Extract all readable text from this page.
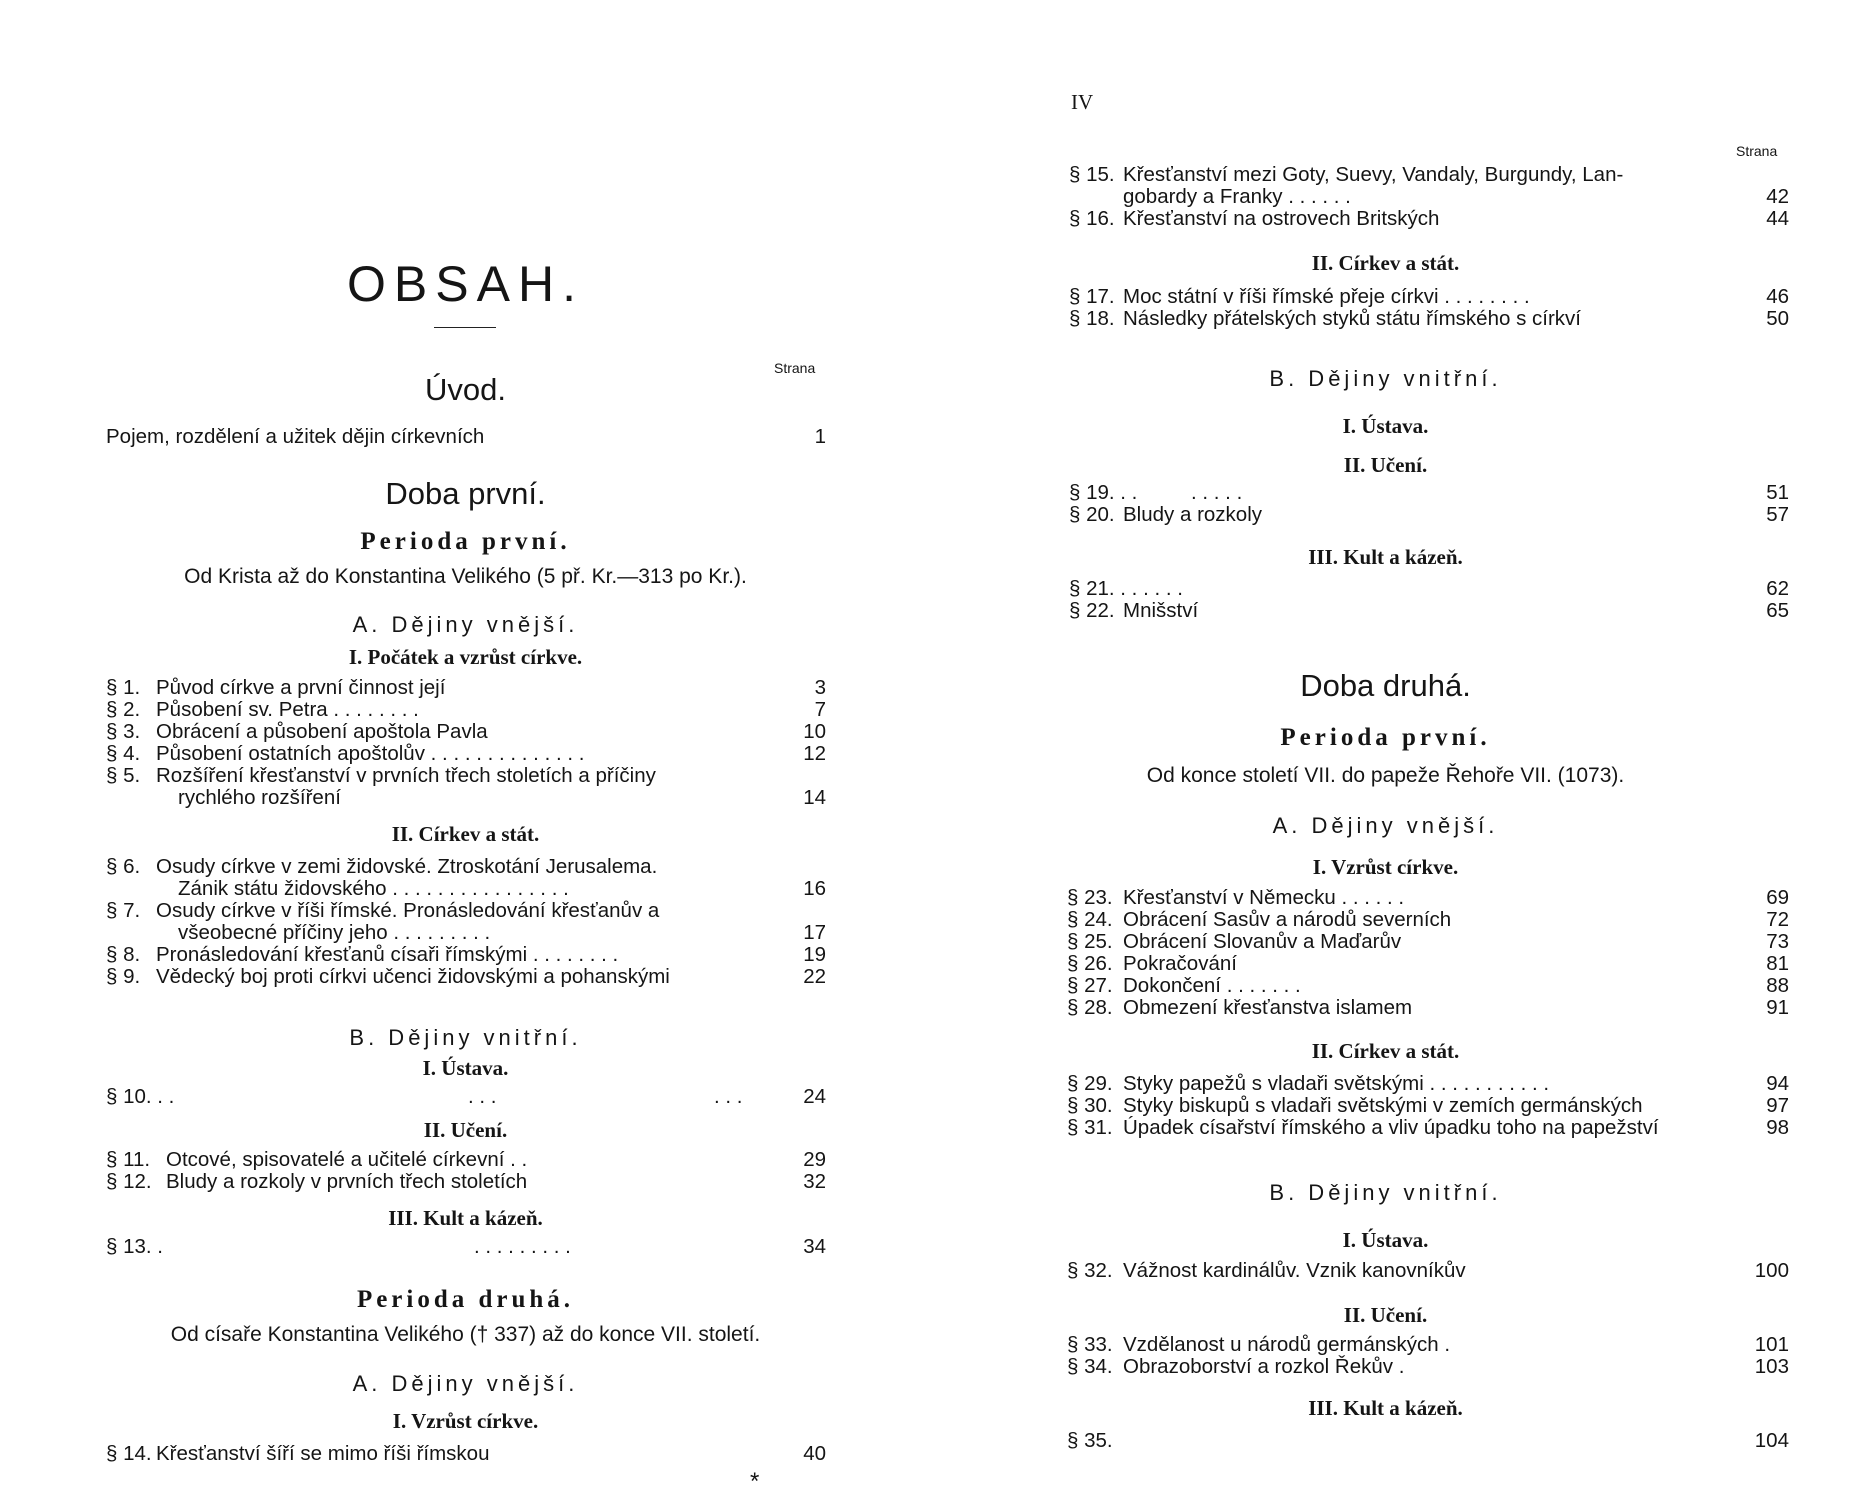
OBSAH.
Strana
Úvod.
Pojem, rozdělení a užitek dějin církevních	1
Doba první.
Perioda první.
Od Krista až do Konstantina Velikého (5 př. Kr.—313 po Kr.).
A. Dějiny vnější.
I. Počátek a vzrůst církve.
§ 1. Původ církve a první činnost její	3
§ 2. Působení sv. Petra . . . . . . . .	7
§ 3. Obrácení a působení apoštola Pavla	10
§ 4. Působení ostatních apoštolův . . . . . . . . . . . . . .	12
§ 5. Rozšíření křesťanství v prvních třech stoletích a příčiny
rychlého rozšíření	14
II. Církev a stát.
§ 6. Osudy církve v zemi židovské. Ztroskotání Jerusalema.
Zánik státu židovského . . . . . . . . . . . . . . . .	16
§ 7. Osudy církve v říši římské. Pronásledování křesťanův a
všeobecné příčiny jeho . . . . . . . . .	17
§ 8. Pronásledování křesťanů císaři římskými . . . . . . . .	19
§ 9. Vědecký boj proti církvi učenci židovskými a pohanskými	22
B. Dějiny vnitřní.
I. Ústava.
§ 10. . .	. . .	. . .	24
II. Učení.
§ 11. Otcové, spisovatelé a učitelé církevní . .	29
§ 12. Bludy a rozkoly v prvních třech stoletích	32
III. Kult a kázeň.
§ 13. .	. . . . . . . . .	34
Perioda druhá.
Od císaře Konstantina Velikého († 337) až do konce VII. století.
A. Dějiny vnější.
I. Vzrůst církve.
§ 14. Křesťanství šíří se mimo říši římskou	40
*
IV
Strana
§ 15. Křesťanství mezi Goty, Suevy, Vandaly, Burgundy, Lan-
gobardy a Franky . . . . . .	42
§ 16. Křesťanství na ostrovech Britských	44
II. Církev a stát.
§ 17. Moc státní v říši římské přeje církvi . . . . . . . .	46
§ 18. Následky přátelských styků státu římského s církví	50
B. Dějiny vnitřní.
I. Ústava.
II. Učení.
§ 19. . .	. . . . .	51
§ 20. Bludy a rozkoly	57
III. Kult a kázeň.
§ 21. . . . . . .	62
§ 22. Mnišství	65
Doba druhá.
Perioda první.
Od konce století VII. do papeže Řehoře VII. (1073).
A. Dějiny vnější.
I. Vzrůst církve.
§ 23. Křesťanství v Německu . . . . . .	69
§ 24. Obrácení Sasův a národů severních	72
§ 25. Obrácení Slovanův a Maďarův	73
§ 26. Pokračování	81
§ 27. Dokončení . . . . . . .	88
§ 28. Obmezení křesťanstva islamem	91
II. Církev a stát.
§ 29. Styky papežů s vladaři světskými . . . . . . . . . . .	94
§ 30. Styky biskupů s vladaři světskými v zemích germánských	97
§ 31. Úpadek císařství římského a vliv úpadku toho na papežství	98
B. Dějiny vnitřní.
I. Ústava.
§ 32. Vážnost kardinálův. Vznik kanovníkův	100
II. Učení.
§ 33. Vzdělanost u národů germánských .	101
§ 34. Obrazoborství a rozkol Řekův .	103
III. Kult a kázeň.
§ 35.	104
